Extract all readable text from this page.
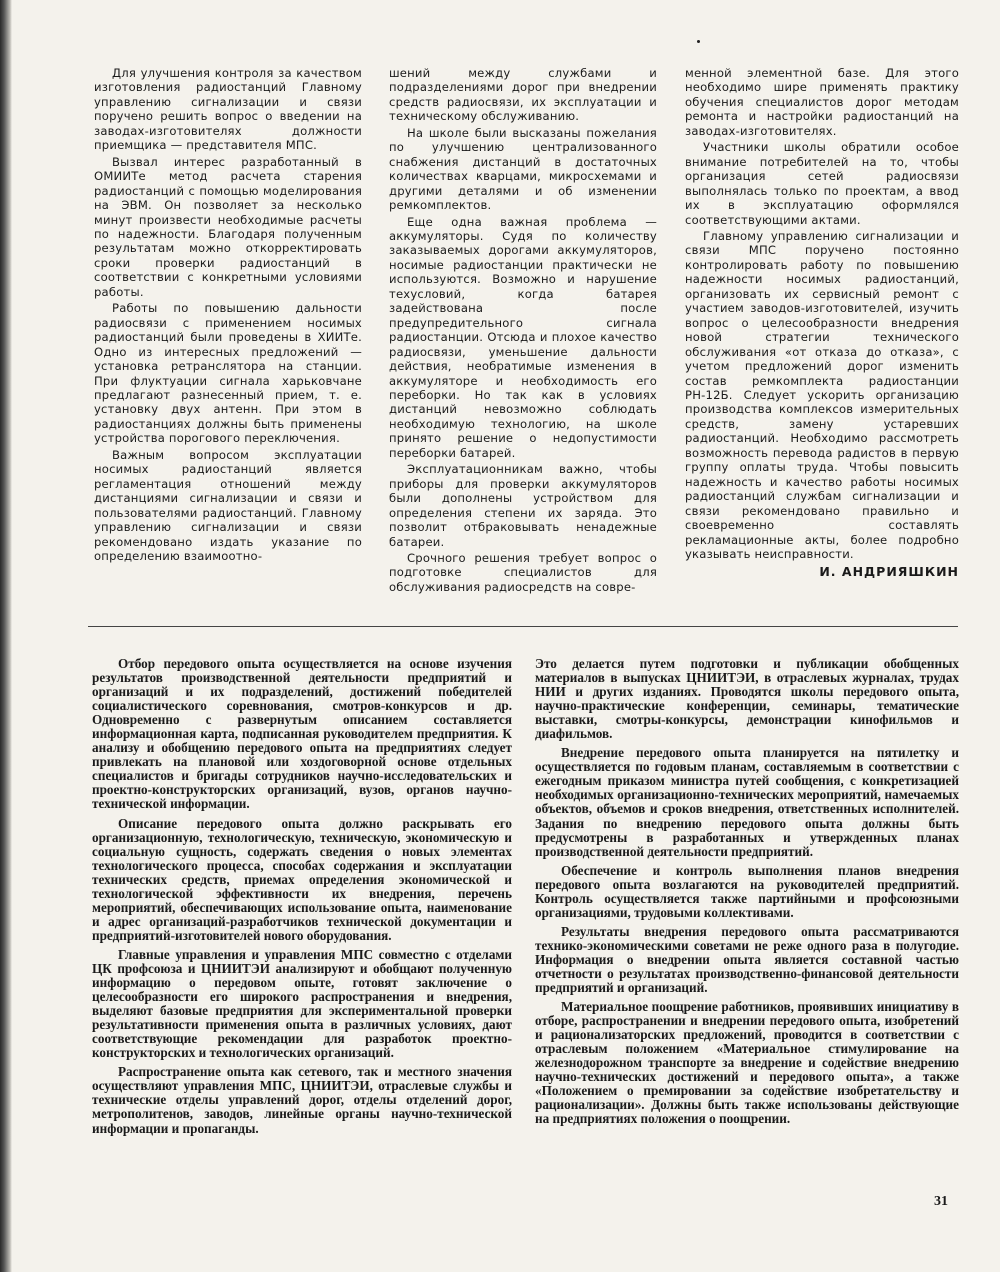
Для улучшения контроля за качеством изготовления радиостанций Главному управлению сигнализации и связи поручено решить вопрос о введении на заводах-изготовителях должности приемщика — представителя МПС.

Вызвал интерес разработанный в ОМИИТе метод расчета старения радиостанций с помощью моделирования на ЭВМ. Он позволяет за несколько минут произвести необходимые расчеты по надежности. Благодаря полученным результатам можно откорректировать сроки проверки радиостанций в соответствии с конкретными условиями работы.

Работы по повышению дальности радиосвязи с применением носимых радиостанций были проведены в ХИИТе. Одно из интересных предложений — установка ретранслятора на станции. При флуктуации сигнала харьковчане предлагают разнесенный прием, т. е. установку двух антенн. При этом в радиостанциях должны быть применены устройства порогового переключения.

Важным вопросом эксплуатации носимых радиостанций является регламентация отношений между дистанциями сигнализации и связи и пользователями радиостанций. Главному управлению сигнализации и связи рекомендовано издать указание по определению взаимоотно-

шений между службами и подразделениями дорог при внедрении средств радиосвязи, их эксплуатации и техническому обслуживанию.

На школе были высказаны пожелания по улучшению централизованного снабжения дистанций в достаточных количествах кварцами, микросхемами и другими деталями и об изменении ремкомплектов.

Еще одна важная проблема — аккумуляторы. Судя по количеству заказываемых дорогами аккумуляторов, носимые радиостанции практически не используются. Возможно и нарушение техусловий, когда батарея задействована после предупредительного сигнала радиостанции. Отсюда и плохое качество радиосвязи, уменьшение дальности действия, необратимые изменения в аккумуляторе и необходимость его переборки. Но так как в условиях дистанций невозможно соблюдать необходимую технологию, на школе принято решение о недопустимости переборки батарей.

Эксплуатационникам важно, чтобы приборы для проверки аккумуляторов были дополнены устройством для определения степени их заряда. Это позволит отбраковывать ненадежные батареи.

Срочного решения требует вопрос о подготовке специалистов для обслуживания радиосредств на совре-

менной элементной базе. Для этого необходимо шире применять практику обучения специалистов дорог методам ремонта и настройки радиостанций на заводах-изготовителях.

Участники школы обратили особое внимание потребителей на то, чтобы организация сетей радиосвязи выполнялась только по проектам, а ввод их в эксплуатацию оформлялся соответствующими актами.

Главному управлению сигнализации и связи МПС поручено постоянно контролировать работу по повышению надежности носимых радиостанций, организовать их сервисный ремонт с участием заводов-изготовителей, изучить вопрос о целесообразности внедрения новой стратегии технического обслуживания «от отказа до отказа», с учетом предложений дорог изменить состав ремкомплекта радиостанции РН-12Б. Следует ускорить организацию производства комплексов измерительных средств, замену устаревших радиостанций. Необходимо рассмотреть возможность перевода радистов в первую группу оплаты труда. Чтобы повысить надежность и качество работы носимых радиостанций службам сигнализации и связи рекомендовано правильно и своевременно составлять рекламационные акты, более подробно указывать неисправности.

И. АНДРИЯШКИН

Отбор передового опыта осуществляется на основе изучения результатов производственной деятельности предприятий и организаций и их подразделений, достижений победителей социалистического соревнования, смотров-конкурсов и др. Одновременно с развернутым описанием составляется информационная карта, подписанная руководителем предприятия. К анализу и обобщению передового опыта на предприятиях следует привлекать на плановой или хоздоговорной основе отдельных специалистов и бригады сотрудников научно-исследовательских и проектно-конструкторских организаций, вузов, органов научно-технической информации.

Описание передового опыта должно раскрывать его организационную, технологическую, техническую, экономическую и социальную сущность, содержать сведения о новых элементах технологического процесса, способах содержания и эксплуатации технических средств, приемах определения экономической и технологической эффективности их внедрения, перечень мероприятий, обеспечивающих использование опыта, наименование и адрес организаций-разработчиков технической документации и предприятий-изготовителей нового оборудования.

Главные управления и управления МПС совместно с отделами ЦК профсоюза и ЦНИИТЭИ анализируют и обобщают полученную информацию о передовом опыте, готовят заключение о целесообразности его широкого распространения и внедрения, выделяют базовые предприятия для экспериментальной проверки результативности применения опыта в различных условиях, дают соответствующие рекомендации для разработок проектно-конструкторских и технологических организаций.

Распространение опыта как сетевого, так и местного значения осуществляют управления МПС, ЦНИИТЭИ, отраслевые службы и технические отделы управлений дорог, отделы отделений дорог, метрополитенов, заводов, линейные органы научно-технической информации и пропаганды.

Это делается путем подготовки и публикации обобщенных материалов в выпусках ЦНИИТЭИ, в отраслевых журналах, трудах НИИ и других изданиях. Проводятся школы передового опыта, научно-практические конференции, семинары, тематические выставки, смотры-конкурсы, демонстрации кинофильмов и диафильмов.

Внедрение передового опыта планируется на пятилетку и осуществляется по годовым планам, составляемым в соответствии с ежегодным приказом министра путей сообщения, с конкретизацией необходимых организационно-технических мероприятий, намечаемых объектов, объемов и сроков внедрения, ответственных исполнителей. Задания по внедрению передового опыта должны быть предусмотрены в разработанных и утвержденных планах производственной деятельности предприятий.

Обеспечение и контроль выполнения планов внедрения передового опыта возлагаются на руководителей предприятий. Контроль осуществляется также партийными и профсоюзными организациями, трудовыми коллективами.

Результаты внедрения передового опыта рассматриваются технико-экономическими советами не реже одного раза в полугодие. Информация о внедрении опыта является составной частью отчетности о результатах производственно-финансовой деятельности предприятий и организаций.

Материальное поощрение работников, проявивших инициативу в отборе, распространении и внедрении передового опыта, изобретений и рационализаторских предложений, проводится в соответствии с отраслевым положением «Материальное стимулирование на железнодорожном транспорте за внедрение и содействие внедрению научно-технических достижений и передового опыта», а также «Положением о премировании за содействие изобретательству и рационализации». Должны быть также использованы действующие на предприятиях положения о поощрении.

31
